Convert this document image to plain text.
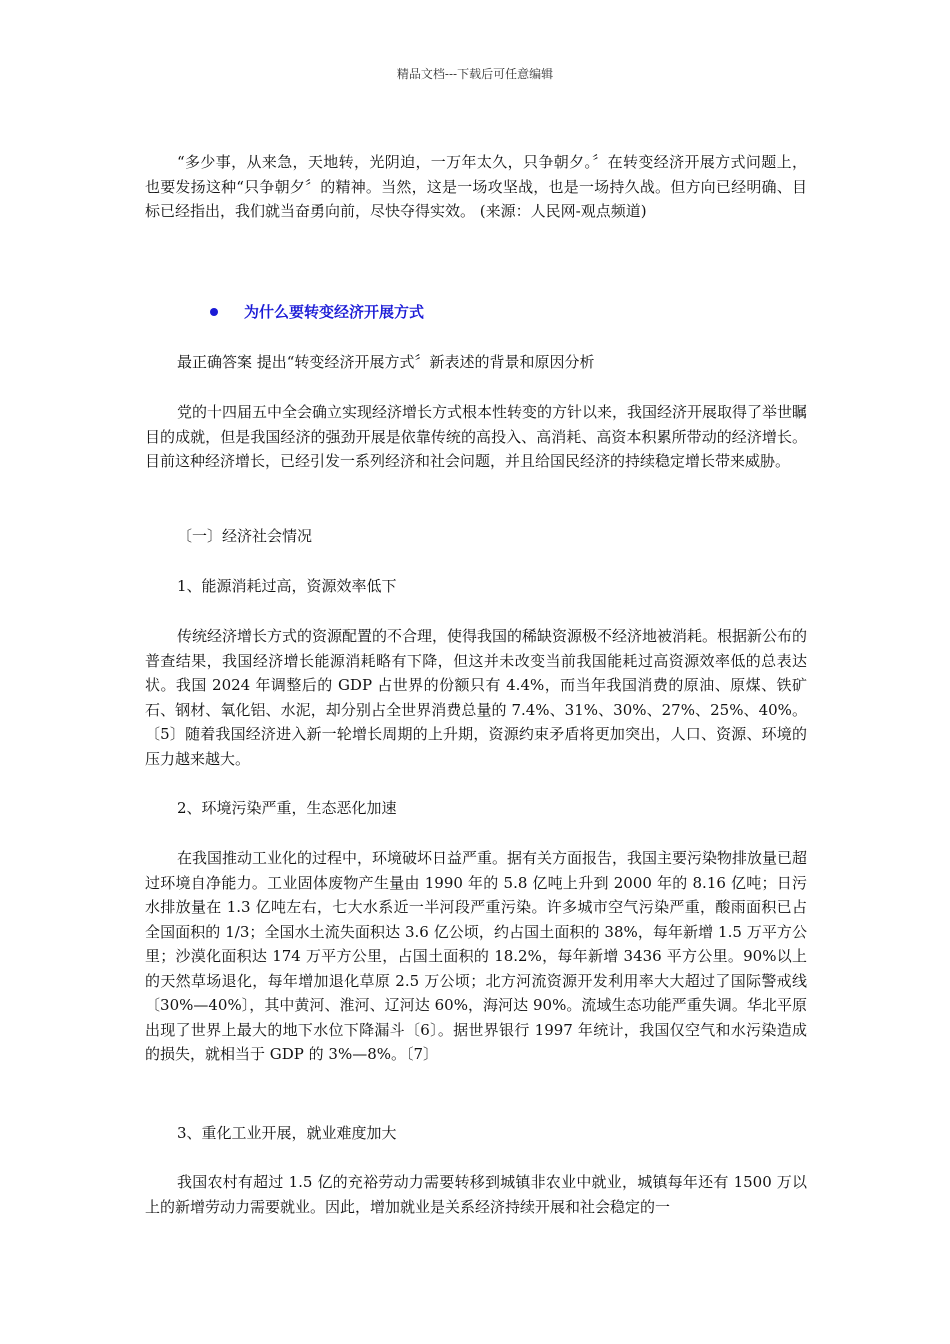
精品文档---下载后可任意编辑

“多少事，从来急，天地转，光阴迫，一万年太久，只争朝夕。〞在转变经济开展方式问题上，也要发扬这种“只争朝夕〞的精神。当然，这是一场攻坚战，也是一场持久战。但方向已经明确、目标已经指出，我们就当奋勇向前，尽快夺得实效。 (来源：人民网-观点频道)

为什么要转变经济开展方式

最正确答案 提出“转变经济开展方式〞新表述的背景和原因分析

党的十四届五中全会确立实现经济增长方式根本性转变的方针以来，我国经济开展取得了举世瞩目的成就，但是我国经济的强劲开展是依靠传统的高投入、高消耗、高资本积累所带动的经济增长。目前这种经济增长，已经引发一系列经济和社会问题，并且给国民经济的持续稳定增长带来威胁。

〔一〕经济社会情况

1、能源消耗过高，资源效率低下

传统经济增长方式的资源配置的不合理，使得我国的稀缺资源极不经济地被消耗。根据新公布的普查结果，我国经济增长能源消耗略有下降，但这并未改变当前我国能耗过高资源效率低的总表达状。我国 2024 年调整后的 GDP 占世界的份额只有 4.4%，而当年我国消费的原油、原煤、铁矿石、钢材、氧化铝、水泥，却分别占全世界消费总量的 7.4%、31%、30%、27%、25%、40%。〔5〕随着我国经济进入新一轮增长周期的上升期，资源约束矛盾将更加突出，人口、资源、环境的压力越来越大。

2、环境污染严重，生态恶化加速

在我国推动工业化的过程中，环境破坏日益严重。据有关方面报告，我国主要污染物排放量已超过环境自净能力。工业固体废物产生量由 1990 年的 5.8 亿吨上升到 2000 年的 8.16 亿吨；日污水排放量在 1.3 亿吨左右，七大水系近一半河段严重污染。许多城市空气污染严重，酸雨面积已占全国面积的 1/3；全国水土流失面积达 3.6 亿公顷，约占国土面积的 38%，每年新增 1.5 万平方公里；沙漠化面积达 174 万平方公里，占国土面积的 18.2%，每年新增 3436 平方公里。90%以上的天然草场退化，每年增加退化草原 2.5 万公顷；北方河流资源开发利用率大大超过了国际警戒线〔30%—40%〕，其中黄河、淮河、辽河达 60%，海河达 90%。流域生态功能严重失调。华北平原出现了世界上最大的地下水位下降漏斗〔6〕。据世界银行 1997 年统计，我国仅空气和水污染造成的损失，就相当于 GDP 的 3%—8%。〔7〕

3、重化工业开展，就业难度加大

我国农村有超过 1.5 亿的充裕劳动力需要转移到城镇非农业中就业，城镇每年还有 1500 万以上的新增劳动力需要就业。因此，增加就业是关系经济持续开展和社会稳定的一
